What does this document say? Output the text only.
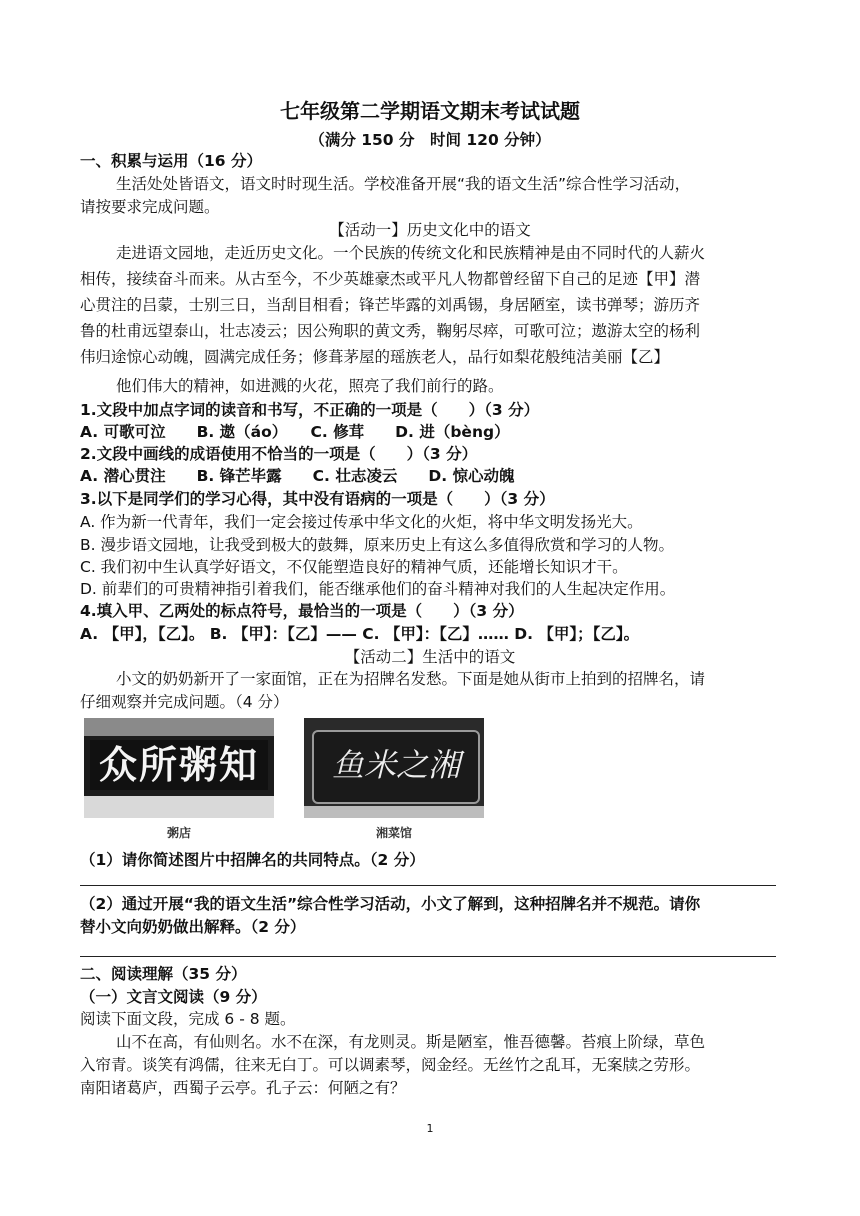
七年级第二学期语文期末考试试题
（满分 150 分　时间 120 分钟）
一、积累与运用（16 分）
生活处处皆语文，语文时时现生活。学校准备开展“我的语文生活”综合性学习活动，
请按要求完成问题。
【活动一】历史文化中的语文
走进语文园地，走近历史文化。一个民族的传统文化和民族精神是由不同时代的人薪火
相传，接续奋斗而来。从古至今，不少英雄豪杰或平凡人物都曾经留下自己的足迹【甲】潜
心贯注的吕蒙，士别三日，当刮目相看；锋芒毕露的刘禹锡，身居陋室，读书弹琴；游历齐
鲁的杜甫远望泰山，壮志凌云；因公殉职的黄文秀，鞠躬尽瘁，可歌可泣；遨游太空的杨利
伟归途惊心动魄，圆满完成任务；修葺茅屋的瑶族老人，品行如梨花般纯洁美丽【乙】
他们伟大的精神，如进溅的火花，照亮了我们前行的路。
1.文段中加点字词的读音和书写，不正确的一项是（　　）（3 分）
A. 可歌可泣　　B. 遨（áo）　　C. 修茸　　D. 进（bèng）
2.文段中画线的成语使用不恰当的一项是（　　）（3 分）
A. 潜心贯注　　B. 锋芒毕露　　C. 壮志凌云　　D. 惊心动魄
3.以下是同学们的学习心得，其中没有语病的一项是（　　）（3 分）
A. 作为新一代青年，我们一定会接过传承中华文化的火炬，将中华文明发扬光大。
B. 漫步语文园地，让我受到极大的鼓舞，原来历史上有这么多值得欣赏和学习的人物。
C. 我们初中生认真学好语文，不仅能塑造良好的精神气质，还能增长知识才干。
D. 前辈们的可贵精神指引着我们，能否继承他们的奋斗精神对我们的人生起决定作用。
4.填入甲、乙两处的标点符号，最恰当的一项是（　　）（3 分）
A. 【甲】，【乙】。 B. 【甲】：【乙】—— C. 【甲】：【乙】…… D. 【甲】；【乙】。
【活动二】生活中的语文
小文的奶奶新开了一家面馆，正在为招牌名发愁。下面是她从街市上拍到的招牌名，请
仔细观察并完成问题。（4 分）
众所粥知
粥店
鱼米之湘
湘菜馆
（1）请你简述图片中招牌名的共同特点。（2 分）
（2）通过开展“我的语文生活”综合性学习活动，小文了解到，这种招牌名并不规范。请你
替小文向奶奶做出解释。（2 分）
二、阅读理解（35 分）
（一）文言文阅读（9 分）
阅读下面文段，完成 6 - 8 题。
山不在高，有仙则名。水不在深，有龙则灵。斯是陋室，惟吾德馨。苔痕上阶绿，草色
入帘青。谈笑有鸿儒，往来无白丁。可以调素琴，阅金经。无丝竹之乱耳，无案牍之劳形。
南阳诸葛庐，西蜀子云亭。孔子云：何陋之有？
1
